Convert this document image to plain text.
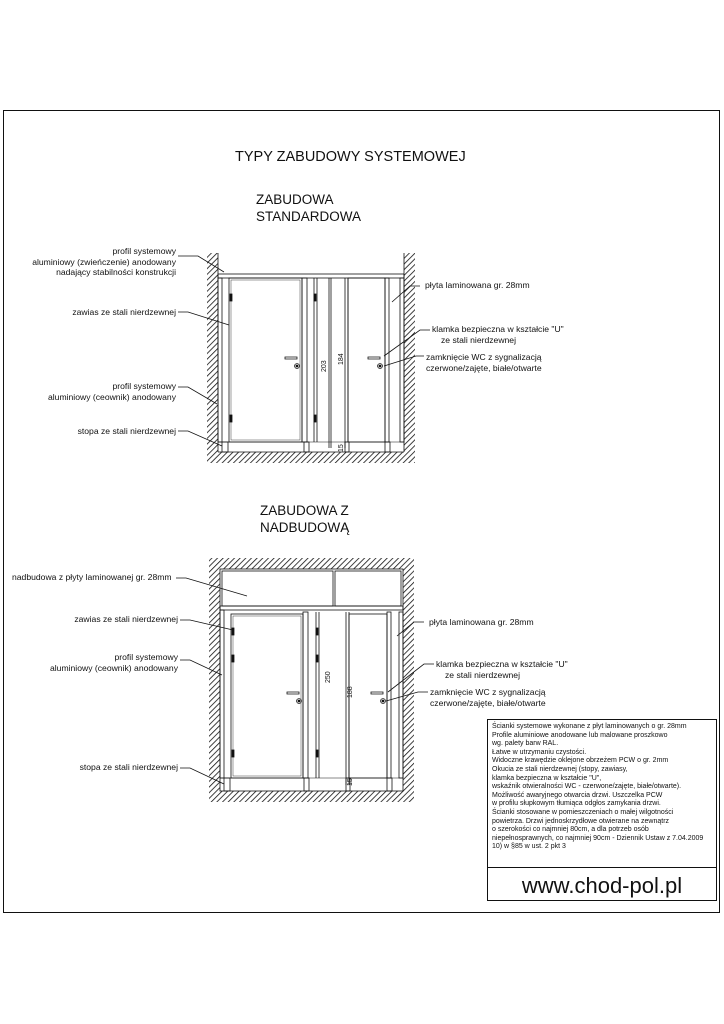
TYPY ZABUDOWY SYSTEMOWEJ
ZABUDOWA
STANDARDOWA
profil systemowy
aluminiowy (zwieńczenie) anodowany
nadający stabilności konstrukcji
zawias ze stali nierdzewnej
profil systemowy
aluminiowy (ceownik) anodowany
stopa ze stali nierdzewnej
płyta laminowana gr. 28mm
klamka bezpieczna w kształcie "U"
ze stali nierdzewnej
zamknięcie WC z sygnalizacją
czerwone/zajęte, białe/otwarte
203
184
15
ZABUDOWA Z
NADBUDOWĄ
nadbudowa z płyty laminowanej gr. 28mm
zawias ze stali nierdzewnej
profil systemowy
aluminiowy (ceownik) anodowany
stopa ze stali nierdzewnej
płyta laminowana gr. 28mm
klamka bezpieczna w kształcie "U"
ze stali nierdzewnej
zamknięcie WC z sygnalizacją
czerwone/zajęte, białe/otwarte
250
188
15
Ścianki systemowe wykonane z płyt laminowanych o gr. 28mm
Profile aluminiowe anodowane lub malowane proszkowo
wg. palety barw RAL.
Łatwe w utrzymaniu czystości.
Widoczne krawędzie oklejone obrzeżem PCW o gr. 2mm
Okucia ze stali nierdzewnej (stopy, zawiasy,
klamka bezpieczna w kształcie "U",
wskaźnik otwieralności WC - czerwone/zajęte, białe/otwarte).
Możliwość awaryjnego otwarcia drzwi. Uszczelka PCW
w profilu słupkowym tłumiąca odgłos zamykania drzwi.
Ścianki stosowane w pomieszczeniach o małej wilgotności
powietrza. Drzwi jednoskrzydłowe otwierane na zewnątrz
o szerokości co najmniej 80cm, a dla potrzeb osób
niepełnosprawnych, co najmniej 90cm - Dziennik Ustaw z 7.04.2009
10) w §85 w ust. 2 pkt 3
www.chod-pol.pl
